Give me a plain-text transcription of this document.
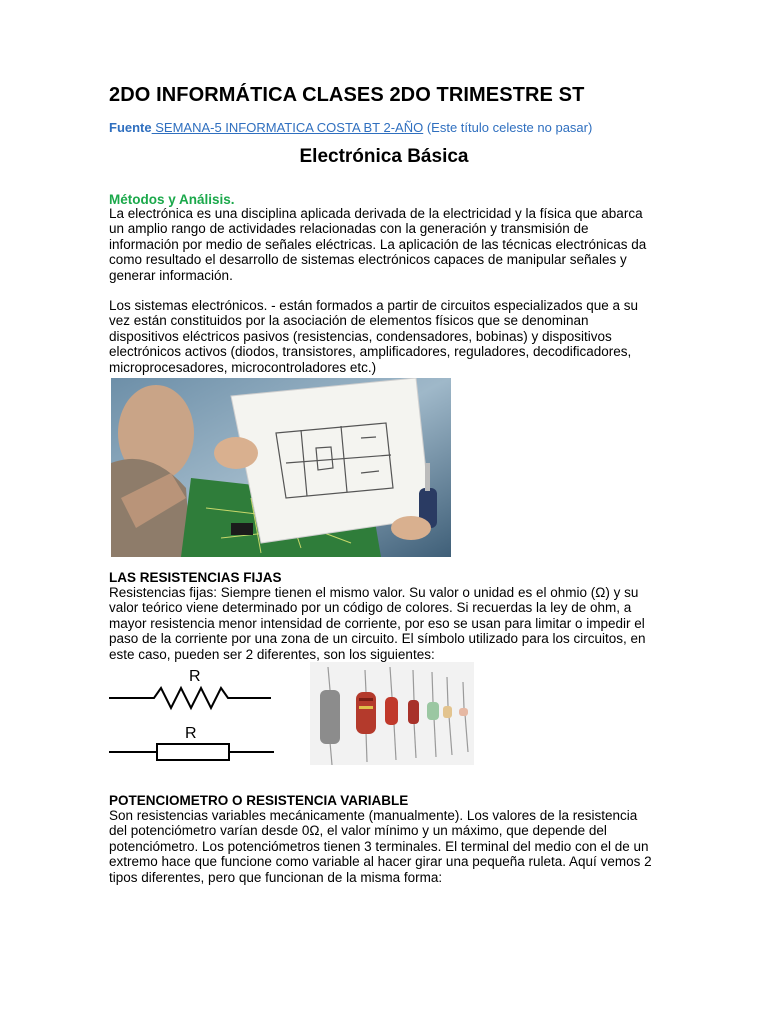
2DO INFORMÁTICA CLASES 2DO TRIMESTRE ST
Fuente SEMANA-5 INFORMATICA COSTA BT 2-AÑO (Este título celeste no pasar)
Electrónica Básica
Métodos y Análisis.

La electrónica es una disciplina aplicada derivada de la electricidad y la física que abarca un amplio rango de actividades relacionadas con la generación y transmisión de información por medio de señales eléctricas. La aplicación de las técnicas electrónicas da como resultado el desarrollo de sistemas electrónicos capaces de manipular señales y generar información.

Los sistemas electrónicos. - están formados a partir de circuitos especializados que a su vez están constituidos por la asociación de elementos físicos que se denominan dispositivos eléctricos pasivos (resistencias, condensadores, bobinas) y dispositivos electrónicos activos (diodos, transistores, amplificadores, reguladores, decodificadores, microprocesadores, microcontroladores etc.)

LAS RESISTENCIAS FIJAS

Resistencias fijas: Siempre tienen el mismo valor. Su valor o unidad es el ohmio (Ω) y su valor teórico viene determinado por un código de colores. Si recuerdas la ley de ohm, a mayor resistencia menor intensidad de corriente, por eso se usan para limitar o impedir el paso de la corriente por una zona de un circuito. El símbolo utilizado para los circuitos, en este caso, pueden ser 2 diferentes, son los siguientes:

R
R
POTENCIOMETRO O RESISTENCIA VARIABLE

Son resistencias variables mecánicamente (manualmente). Los valores de la resistencia del potenciómetro varían desde 0Ω, el valor mínimo y un máximo, que depende del potenciómetro. Los potenciómetros tienen 3 terminales. El terminal del medio con el de un extremo hace que funcione como variable al hacer girar una pequeña ruleta. Aquí vemos 2 tipos diferentes, pero que funcionan de la misma forma:
